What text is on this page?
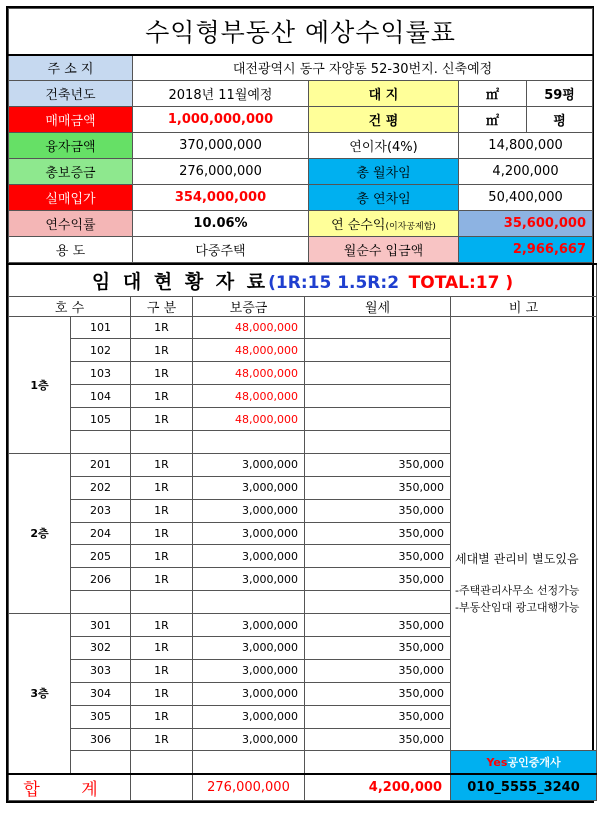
수익형부동산 예상수익률표				
주 소 지	대전광역시 동구 자양동 52-30번지. 신축예정			
건축년도	2018년 11월예정	대 지	㎡	59평
매매금액	1,000,000,000	건 평	㎡	평
융자금액	370,000,000	연이자(4%)	14,800,000	
총보증금	276,000,000	총 월차임	4,200,000	
실매입가	354,000,000	총 연차임	50,400,000	
연수익률	10.06%	연 순수익(이자공제함)	35,600,000	
용 도	다중주택	월순수 입금액	2,966,667	
임 대 현 황 자 료(1R:15 1.5R:2 TOTAL:17 )					
호 수		구 분	보증금	월세	비 고
1층	101	1R	48,000,000		세대별 관리비 별도있음
-주택관리사무소 선정가능
-부동산임대 광고대행가능

	102	1R	48,000,000		
	103	1R	48,000,000		
	104	1R	48,000,000		
	105	1R	48,000,000		

2층	201	1R	3,000,000	350,000	
	202	1R	3,000,000	350,000	
	203	1R	3,000,000	350,000	
	204	1R	3,000,000	350,000	
	205	1R	3,000,000	350,000	
	206	1R	3,000,000	350,000	

3층	301	1R	3,000,000	350,000	
	302	1R	3,000,000	350,000	
	303	1R	3,000,000	350,000	
	304	1R	3,000,000	350,000	
	305	1R	3,000,000	350,000	
	306	1R	3,000,000	350,000	
					Yes공인중개사
합 계			276,000,000	4,200,000	010_5555_3240
